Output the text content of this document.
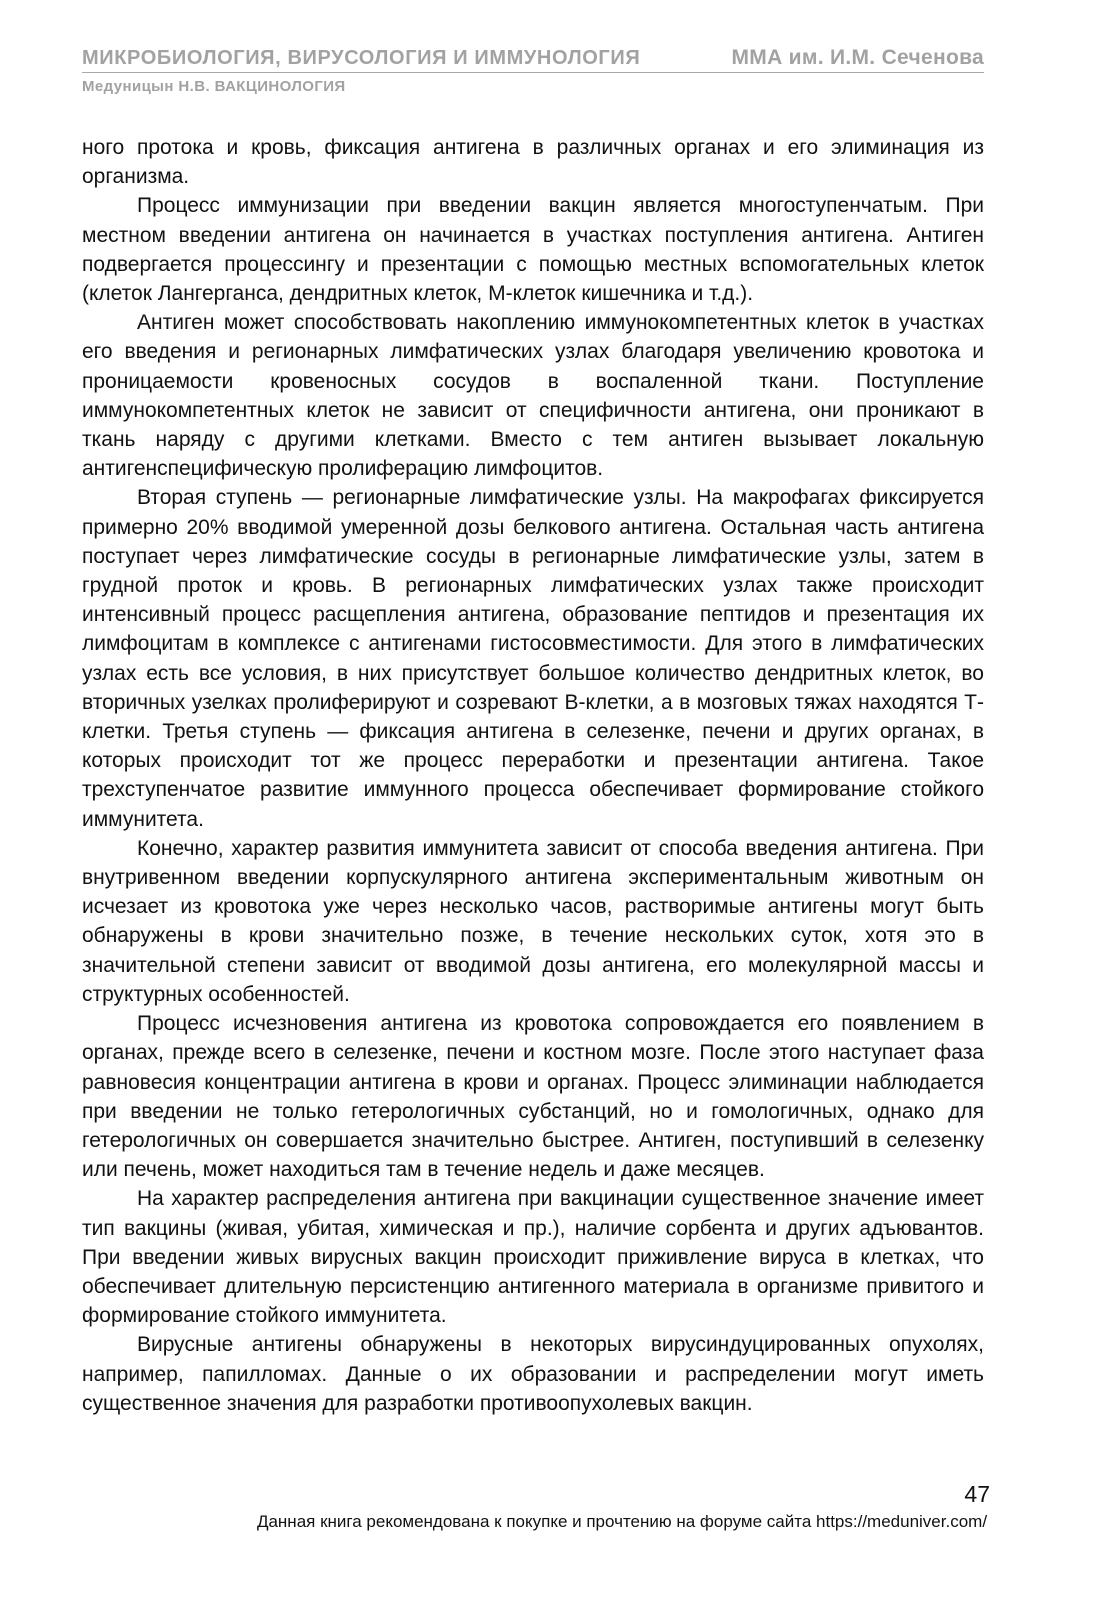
МИКРОБИОЛОГИЯ, ВИРУСОЛОГИЯ И ИММУНОЛОГИЯ	ММА им. И.М. Сеченова
Медуницын Н.В. ВАКЦИНОЛОГИЯ

ного протока и кровь, фиксация антигена в различных органах и его элиминация из организма.

Процесс иммунизации при введении вакцин является многоступенчатым. При местном введении антигена он начинается в участках поступления антигена. Антиген подвергается процессингу и презентации с помощью местных вспомогательных клеток (клеток Лангерганса, дендритных клеток, М-клеток кишечника и т.д.).

Антиген может способствовать накоплению иммунокомпетентных клеток в участках его введения и регионарных лимфатических узлах благодаря увеличению кровотока и проницаемости кровеносных сосудов в воспаленной ткани. Поступление иммунокомпетентных клеток не зависит от специфичности антигена, они проникают в ткань наряду с другими клетками. Вместо с тем антиген вызывает локальную антигенспецифическую пролиферацию лимфоцитов.

Вторая ступень — регионарные лимфатические узлы. На макрофагах фиксируется примерно 20% вводимой умеренной дозы белкового антигена. Остальная часть антигена поступает через лимфатические сосуды в регионарные лимфатические узлы, затем в грудной проток и кровь. В регионарных лимфатических узлах также происходит интенсивный процесс расщепления антигена, образование пептидов и презентация их лимфоцитам в комплексе с антигенами гистосовместимости. Для этого в лимфатических узлах есть все условия, в них присутствует большое количество дендритных клеток, во вторичных узелках пролиферируют и созревают В-клетки, а в мозговых тяжах находятся Т-клетки. Третья ступень — фиксация антигена в селезенке, печени и других органах, в которых происходит тот же процесс переработки и презентации антигена. Такое трехступенчатое развитие иммунного процесса обеспечивает формирование стойкого иммунитета.

Конечно, характер развития иммунитета зависит от способа введения антигена. При внутривенном введении корпускулярного антигена экспериментальным животным он исчезает из кровотока уже через несколько часов, растворимые антигены могут быть обнаружены в крови значительно позже, в течение нескольких суток, хотя это в значительной степени зависит от вводимой дозы антигена, его молекулярной массы и структурных особенностей.

Процесс исчезновения антигена из кровотока сопровождается его появлением в органах, прежде всего в селезенке, печени и костном мозге. После этого наступает фаза равновесия концентрации антигена в крови и органах. Процесс элиминации наблюдается при введении не только гетерологичных субстанций, но и гомологичных, однако для гетерологичных он совершается значительно быстрее. Антиген, поступивший в селезенку или печень, может находиться там в течение недель и даже месяцев.

На характер распределения антигена при вакцинации существенное значение имеет тип вакцины (живая, убитая, химическая и пр.), наличие сорбента и других адъювантов. При введении живых вирусных вакцин происходит приживление вируса в клетках, что обеспечивает длительную персистенцию антигенного материала в организме привитого и формирование стойкого иммунитета.

Вирусные антигены обнаружены в некоторых вирусиндуцированных опухолях, например, папилломах. Данные о их образовании и распределении могут иметь существенное значения для разработки противоопухолевых вакцин.

47
Данная книга рекомендована к покупке и прочтению на форуме сайта https://meduniver.com/
